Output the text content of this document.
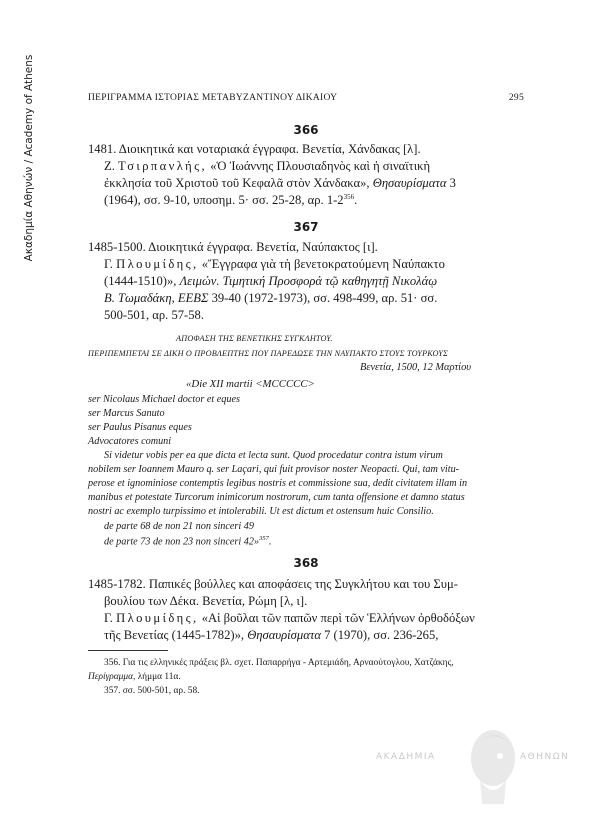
Ακαδημία Αθηνών / Academy of Athens	ΠΕΡΙΓΡΑΜΜΑ ΙΣΤΟΡΙΑΣ ΜΕΤΑΒΥΖΑΝΤΙΝΟΥ ΔΙΚΑΙΟΥ	295
366
1481. Διοικητικά και νοταριακά έγγραφα. Βενετία, Χάνδακας [λ].
Ζ. Τσιρπανλής, «Ὁ Ἰωάννης Πλουσιαδηνὸς καὶ ἡ σιναϊτικὴ
ἐκκλησία τοῦ Χριστοῦ τοῦ Κεφαλᾶ στὸν Χάνδακα», Θησαυρίσματα 3
(1964), σσ. 9-10, υποσημ. 5· σσ. 25-28, αρ. $1-2^{356}$.
367
1485-1500. Διοικητικά έγγραφα. Βενετία, Ναύπακτος [ι].
Γ. Πλουμίδης, «Ἔγγραφα γιὰ τὴ βενετοκρατούμενη Ναύπακτο
(1444-1510)», Λειμών. Τιμητική Προσφορά τῷ καθηγητῇ Νικολάῳ
Β. Τωμαδάκη, ΕΕΒΣ 39-40 (1972-1973), σσ. 498-499, αρ. 51· σσ.
500-501, αρ. 57-58.
ΑΠΟΦΑΣΗ ΤΗΣ ΒΕΝΕΤΙΚΗΣ ΣΥΓΚΛΗΤΟΥ.
ΠΕΡΙΠΕΜΠΕΤΑΙ ΣΕ ΔΙΚΗ Ο ΠΡΟΒΛΕΠΤΗΣ ΠΟΥ ΠΑΡΕΔΩΣΕ ΤΗΝ ΝΑΥΠΑΚΤΟ ΣΤΟΥΣ ΤΟΥΡΚΟΥΣ
Βενετία, 1500, 12 Μαρτίου
«Die XII martii <MCCCCC>
ser Nicolaus Michael doctor et eques
ser Marcus Sanuto
ser Paulus Pisanus eques
Advocatores comuni
Si videtur vobis per ea que dicta et lecta sunt. Quod procedatur contra istum virum
nobilem ser Ioannem Mauro q. ser Laçari, qui fuit provisor noster Neopacti. Qui, tam vitu-
perose et ignominiose contemptis legibus nostris et commissione sua, dedit civitatem illam in
manibus et potestate Turcorum inimicorum nostrorum, cum tanta offensione et damno status
nostri ac exemplo turpissimo et intolerabili. Ut est dictum et ostensum huic Consilio.
de parte 68 de non 21 non sinceri 49
de parte 73 de non 23 non sinceri 42»$^{357}$.
368
1485-1782. Παπικές βούλλες και αποφάσεις της Συγκλήτου και του Συμ-
βουλίου των Δέκα. Βενετία, Ρώμη [λ, ι].
Γ. Πλουμίδης, «Αἱ βοῦλαι τῶν παπῶν περὶ τῶν Ἑλλήνων ὀρθοδόξων
τῆς Βενετίας (1445-1782)», Θησαυρίσματα 7 (1970), σσ. 236-265,
356. Για τις ελληνικές πράξεις βλ. σχετ. Παπαρρήγα - Αρτεμιάδη, Αρναούτογλου, Χατζάκης,
Περίγραμμα, λήμμα 11α.
357. σσ. 500-501, αρ. 58.
ΑΚΑΔΗΜΙΑ	ΑΘΗΝΩΝ
